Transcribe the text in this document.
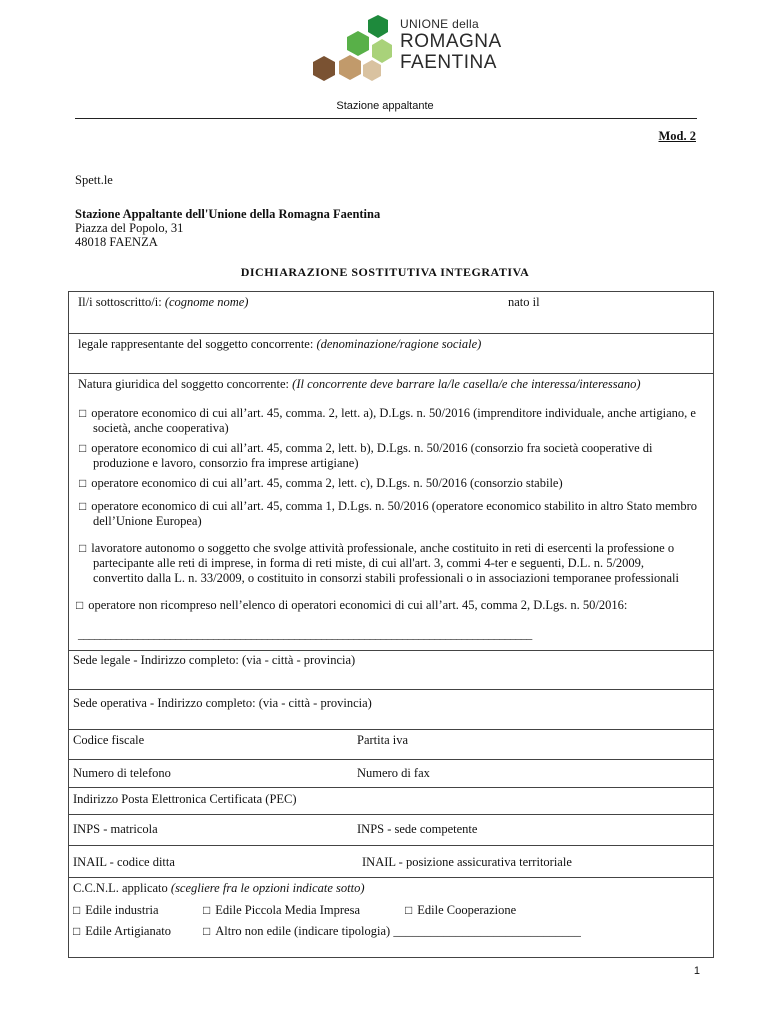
UNIONE della
ROMAGNA
FAENTINA
Stazione appaltante
Mod. 2
Spett.le
Stazione Appaltante dell'Unione della Romagna Faentina
Piazza del Popolo, 31
48018 FAENZA
DICHIARAZIONE SOSTITUTIVA INTEGRATIVA
Il/i sottoscritto/i: (cognome nome)	nato il
legale rappresentante del soggetto concorrente: (denominazione/ragione sociale)
Natura giuridica del soggetto concorrente: (Il concorrente deve barrare la/le casella/e che interessa/interessano)
□ operatore economico di cui all’art. 45, comma. 2, lett. a), D.Lgs. n. 50/2016 (imprenditore individuale, anche artigiano, e
società, anche cooperativa)
□ operatore economico di cui all’art. 45, comma 2, lett. b), D.Lgs. n. 50/2016 (consorzio fra società cooperative di
produzione e lavoro, consorzio fra imprese artigiane)
□ operatore economico di cui all’art. 45, comma 2, lett. c), D.Lgs. n. 50/2016 (consorzio stabile)
□ operatore economico di cui all’art. 45, comma 1, D.Lgs. n. 50/2016 (operatore economico stabilito in altro Stato membro
dell’Unione Europea)
□ lavoratore autonomo o soggetto che svolge attività professionale, anche costituito in reti di esercenti la professione o
partecipante alle reti di imprese, in forma di reti miste, di cui all'art. 3, commi 4-ter e seguenti, D.L. n. 5/2009,
convertito dalla L. n. 33/2009, o costituito in consorzi stabili professionali o in associazioni temporanee professionali
□ operatore non ricompreso nell’elenco di operatori economici di cui all’art. 45, comma 2, D.Lgs. n. 50/2016:
____________________________________________________________________________________
Sede legale - Indirizzo completo: (via - città - provincia)
Sede operativa - Indirizzo completo: (via - città - provincia)
Codice fiscale	Partita iva
Numero di telefono	Numero di fax
Indirizzo Posta Elettronica Certificata (PEC)
INPS - matricola	INPS - sede competente
INAIL - codice ditta	INAIL - posizione assicurativa territoriale
C.C.N.L. applicato (scegliere fra le opzioni indicate sotto)
□ Edile industria	□ Edile Piccola Media Impresa	□ Edile Cooperazione
□ Edile Artigianato	□ Altro non edile (indicare tipologia) ______________________________
1
